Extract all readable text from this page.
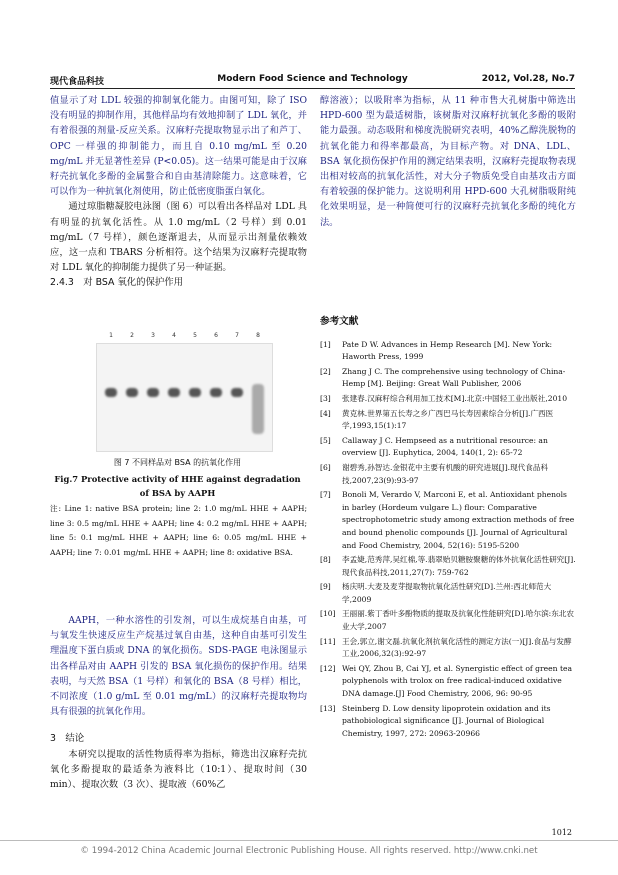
现代食品科技	Modern Food Science and Technology	2012, Vol.28, No.7

值显示了对 LDL 较强的抑制氧化能力。由图可知，除了 ISO 没有明显的抑制作用，其他样品均有效地抑制了 LDL 氧化，并有着很强的剂量-反应关系。汉麻籽壳提取物显示出了和芦丁、OPC 一样强的抑制能力，而且自 0.10 mg/mL 至 0.20 mg/mL 并无显著性差异 (P<0.05)。这一结果可能是由于汉麻籽壳抗氧化多酚的金属螯合和自由基清除能力。这意味着，它可以作为一种抗氧化剂使用，防止低密度脂蛋白氧化。

通过琼脂糖凝胶电泳图（图 6）可以看出各样品对 LDL 具有明显的抗氧化活性。从 1.0 mg/mL（2 号样）到 0.01 mg/mL（7 号样），颜色逐渐退去，从而显示出剂量依赖效应，这一点和 TBARS 分析相符。这个结果为汉麻籽壳提取物对 LDL 氧化的抑制能力提供了另一种证据。

2.4.3　对 BSA 氧化的保护作用

1	2	3	4	5	6	7	8
图 7 不同样品对 BSA 的抗氧化作用
Fig.7 Protective activity of HHE against degradation of BSA by AAPH
注: Line 1: native BSA protein; line 2: 1.0 mg/mL HHE + AAPH; line 3: 0.5 mg/mL HHE + AAPH; line 4: 0.2 mg/mL HHE + AAPH; line 5: 0.1 mg/mL HHE + AAPH; line 6: 0.05 mg/mL HHE + AAPH; line 7: 0.01 mg/mL HHE + AAPH; line 8: oxidative BSA.

AAPH，一种水溶性的引发剂，可以生成烷基自由基，可与氧发生快速反应生产烷基过氧自由基，这种自由基可引发生理温度下蛋白质或 DNA 的氧化损伤。SDS-PAGE 电泳图显示出各样品对由 AAPH 引发的 BSA 氧化损伤的保护作用。结果表明，与天然 BSA（1 号样）和氧化的 BSA（8 号样）相比，不同浓度（1.0 g/mL 至 0.01 mg/mL）的汉麻籽壳提取物均具有很强的抗氧化作用。

3　结论

本研究以提取的活性物质得率为指标，筛选出汉麻籽壳抗氧化多酚提取的最适条为液料比（10:1）、提取时间（30 min）、提取次数（3 次）、提取液（60%乙

醇溶液）；以吸附率为指标，从 11 种市售大孔树脂中筛选出 HPD-600 型为最适树脂，该树脂对汉麻籽抗氧化多酚的吸附能力最强。动态吸附和梯度洗脱研究表明，40%乙醇洗脱物的抗氧化能力和得率都最高，为目标产物。对 DNA、LDL、BSA 氧化损伤保护作用的测定结果表明，汉麻籽壳提取物表现出相对较高的抗氧化活性，对大分子物质免受自由基攻击方面有着较强的保护能力。这说明利用 HPD-600 大孔树脂吸附纯化效果明显，是一种简便可行的汉麻籽壳抗氧化多酚的纯化方法。

参考文献

[1]	Pate D W. Advances in Hemp Research [M]. New York: Haworth Press, 1999
[2]	Zhang J C. The comprehensive using technology of China-Hemp [M]. Beijing: Great Wall Publisher, 2006
[3]	张建春.汉麻籽综合利用加工技术[M].北京:中国轻工业出版社,2010
[4]	黄克林.世界第五长寿之乡广西巴马长寿因素综合分析[J].广西医学,1993,15(1):17
[5]	Callaway J C. Hempseed as a nutritional resource: an overview [J]. Euphytica, 2004, 140(1, 2): 65-72
[6]	谢碧秀,孙智达.金银花中主要有机酸的研究进展[J].现代食品科技,2007,23(9):93-97
[7]	Bonoli M, Verardo V, Marconi E, et al. Antioxidant phenols in barley (Hordeum vulgare L.) flour: Comparative spectrophotometric study among extraction methods of free and bound phenolic compounds [J]. Journal of Agricultural and Food Chemistry, 2004, 52(16): 5195-5200
[8]	李孟婕,范秀萍,吴红棉,等.翡翠贻贝糖胺聚糖的体外抗氧化活性研究[J].现代食品科技,2011,27(7): 759-762
[9]	杨庆明.大麦及麦芽提取物抗氧化活性研究[D].兰州:西北师范大学,2009
[10] 王丽丽.紫丁香叶多酚物质的提取及抗氧化性能研究[D].哈尔滨:东北农业大学,2007
[11] 王会,郭立,谢文磊.抗氧化剂抗氧化活性的测定方法(一)[J].食品与发酵工业,2006,32(3):92-97
[12] Wei QY, Zhou B, Cai YJ, et al. Synergistic effect of green tea polyphenols with trolox on free radical-induced oxidative DNA damage.[J] Food Chemistry, 2006, 96: 90-95
[13] Steinberg D. Low density lipoprotein oxidation and its pathobiological significance [J]. Journal of Biological Chemistry, 1997, 272: 20963-20966
1012
© 1994-2012 China Academic Journal Electronic Publishing House. All rights reserved. http://www.cnki.net
